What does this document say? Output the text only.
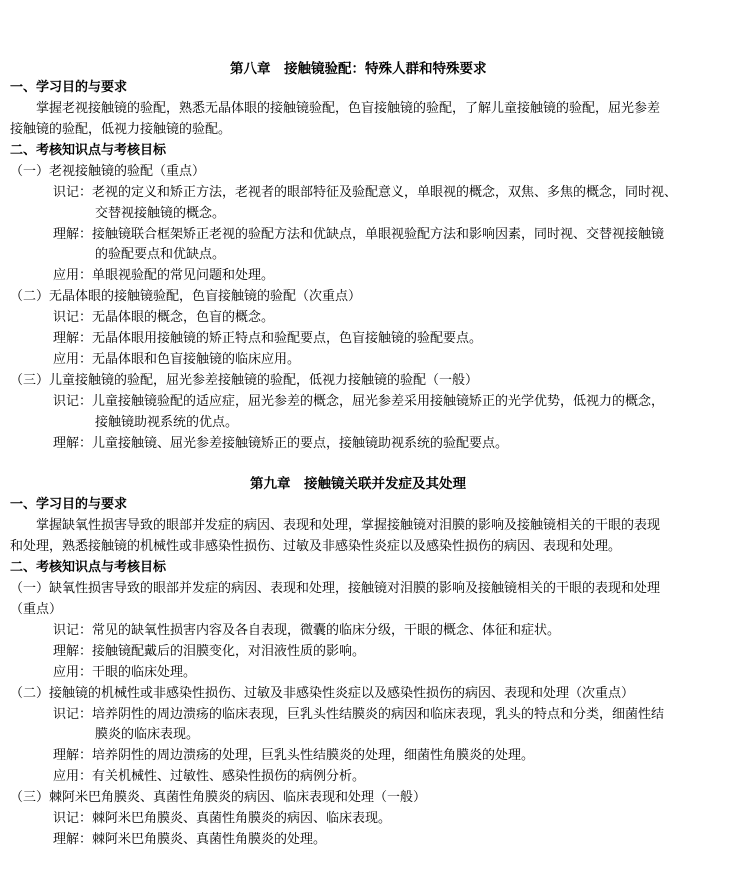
第八章　接触镜验配：特殊人群和特殊要求
一、学习目的与要求
掌握老视接触镜的验配，熟悉无晶体眼的接触镜验配，色盲接触镜的验配，了解儿童接触镜的验配，屈光参差
接触镜的验配，低视力接触镜的验配。
二、考核知识点与考核目标
（一）老视接触镜的验配（重点）
识记：老视的定义和矫正方法，老视者的眼部特征及验配意义，单眼视的概念，双焦、多焦的概念，同时视、
交替视接触镜的概念。
理解：接触镜联合框架矫正老视的验配方法和优缺点，单眼视验配方法和影响因素，同时视、交替视接触镜
的验配要点和优缺点。
应用：单眼视验配的常见问题和处理。
（二）无晶体眼的接触镜验配，色盲接触镜的验配（次重点）
识记：无晶体眼的概念，色盲的概念。
理解：无晶体眼用接触镜的矫正特点和验配要点，色盲接触镜的验配要点。
应用：无晶体眼和色盲接触镜的临床应用。
（三）儿童接触镜的验配，屈光参差接触镜的验配，低视力接触镜的验配（一般）
识记：儿童接触镜验配的适应症，屈光参差的概念，屈光参差采用接触镜矫正的光学优势，低视力的概念，
接触镜助视系统的优点。
理解：儿童接触镜、屈光参差接触镜矫正的要点，接触镜助视系统的验配要点。
第九章　接触镜关联并发症及其处理
一、学习目的与要求
掌握缺氧性损害导致的眼部并发症的病因、表现和处理，掌握接触镜对泪膜的影响及接触镜相关的干眼的表现
和处理，熟悉接触镜的机械性或非感染性损伤、过敏及非感染性炎症以及感染性损伤的病因、表现和处理。
二、考核知识点与考核目标
（一）缺氧性损害导致的眼部并发症的病因、表现和处理，接触镜对泪膜的影响及接触镜相关的干眼的表现和处理
（重点）
识记：常见的缺氧性损害内容及各自表现，微囊的临床分级，干眼的概念、体征和症状。
理解：接触镜配戴后的泪膜变化，对泪液性质的影响。
应用：干眼的临床处理。
（二）接触镜的机械性或非感染性损伤、过敏及非感染性炎症以及感染性损伤的病因、表现和处理（次重点）
识记：培养阴性的周边溃疡的临床表现，巨乳头性结膜炎的病因和临床表现，乳头的特点和分类，细菌性结
膜炎的临床表现。
理解：培养阴性的周边溃疡的处理，巨乳头性结膜炎的处理，细菌性角膜炎的处理。
应用：有关机械性、过敏性、感染性损伤的病例分析。
（三）棘阿米巴角膜炎、真菌性角膜炎的病因、临床表现和处理（一般）
识记：棘阿米巴角膜炎、真菌性角膜炎的病因、临床表现。
理解：棘阿米巴角膜炎、真菌性角膜炎的处理。
